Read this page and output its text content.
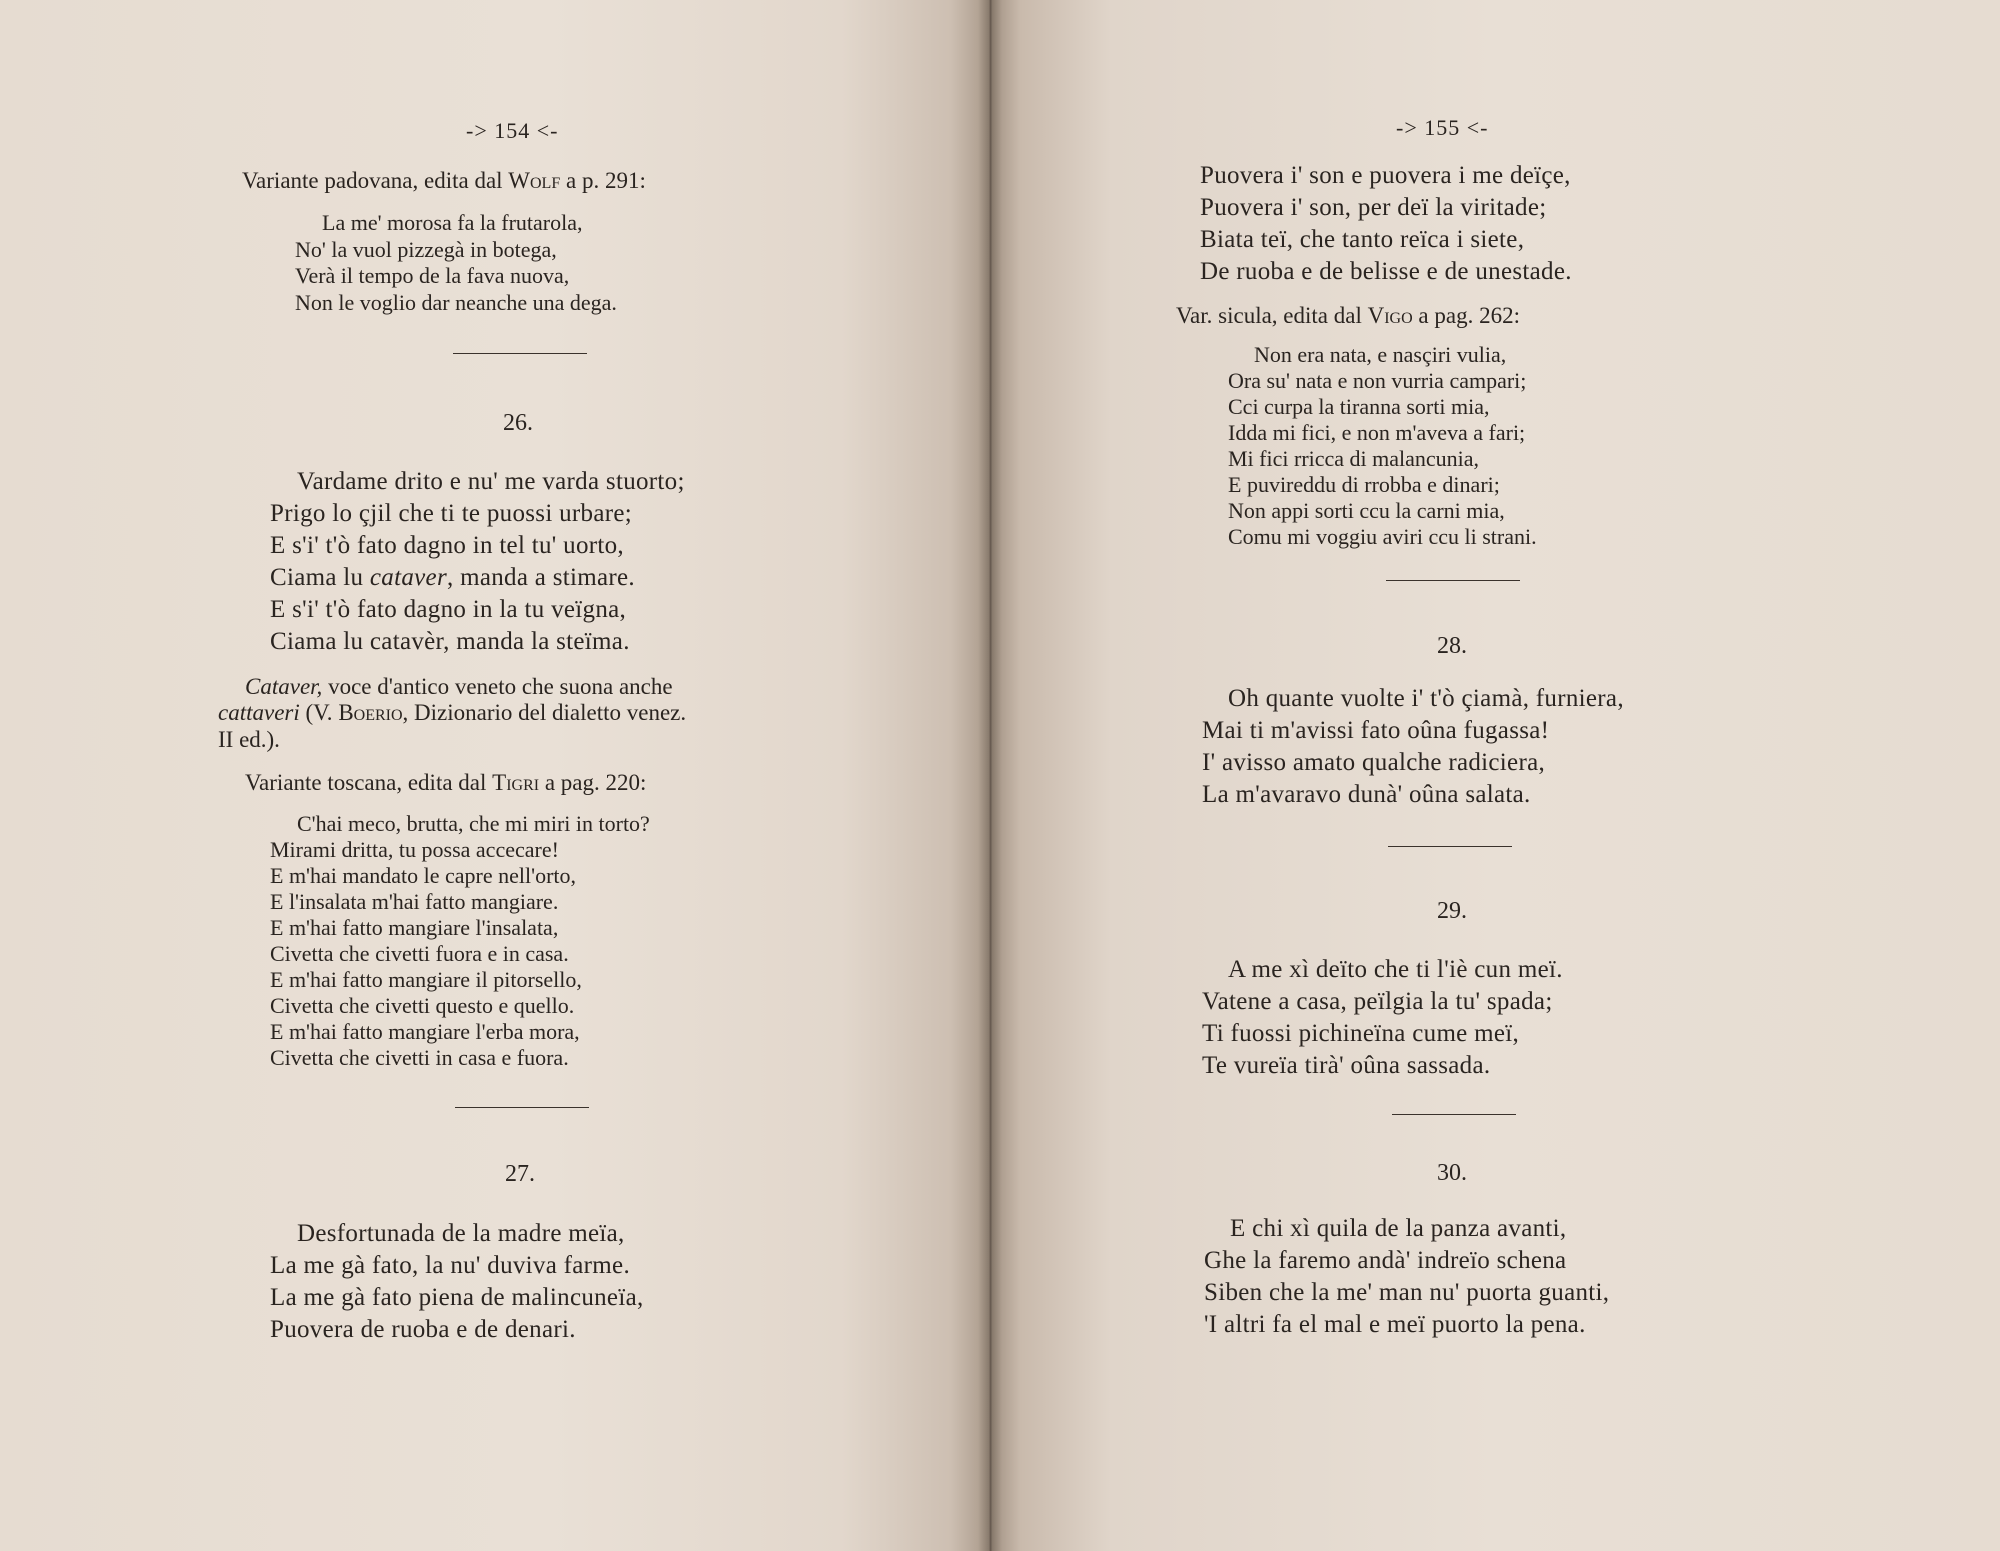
-> 154 <-
Variante padovana, edita dal Wolf a p. 291:
La me' morosa fa la frutarola,
No' la vuol pizzegà in botega,
Verà il tempo de la fava nuova,
Non le voglio dar neanche una dega.
26.
Vardame drito e nu' me varda stuorto;
Prigo lo çjil che ti te puossi urbare;
E s'i' t'ò fato dagno in tel tu' uorto,
Ciama lu cataver, manda a stimare.
E s'i' t'ò fato dagno in la tu veïgna,
Ciama lu catavèr, manda la steïma.
Cataver, voce d'antico veneto che suona anche
cattaveri (V. Boerio, Dizionario del dialetto venez.
II ed.).
Variante toscana, edita dal Tigri a pag. 220:
C'hai meco, brutta, che mi miri in torto?
Mirami dritta, tu possa accecare!
E m'hai mandato le capre nell'orto,
E l'insalata m'hai fatto mangiare.
E m'hai fatto mangiare l'insalata,
Civetta che civetti fuora e in casa.
E m'hai fatto mangiare il pitorsello,
Civetta che civetti questo e quello.
E m'hai fatto mangiare l'erba mora,
Civetta che civetti in casa e fuora.
27.
Desfortunada de la madre meïa,
La me gà fato, la nu' duviva farme.
La me gà fato piena de malincuneïa,
Puovera de ruoba e de denari.
-> 155 <-
Puovera i' son e puovera i me deïçe,
Puovera i' son, per deï la viritade;
Biata teï, che tanto reïca i siete,
De ruoba e de belisse e de unestade.
Var. sicula, edita dal Vigo a pag. 262:
Non era nata, e nasçiri vulia,
Ora su' nata e non vurria campari;
Cci curpa la tiranna sorti mia,
Idda mi fici, e non m'aveva a fari;
Mi fici rricca di malancunia,
E puvireddu di rrobba e dinari;
Non appi sorti ccu la carni mia,
Comu mi voggiu aviri ccu li strani.
28.
Oh quante vuolte i' t'ò çiamà, furniera,
Mai ti m'avissi fato oûna fugassa!
I' avisso amato qualche radiciera,
La m'avaravo dunà' oûna salata.
29.
A me xì deïto che ti l'iè cun meï.
Vatene a casa, peïlgia la tu' spada;
Ti fuossi pichineïna cume meï,
Te vureïa tirà' oûna sassada.
30.
E chi xì quila de la panza avanti,
Ghe la faremo andà' indreïo schena
Siben che la me' man nu' puorta guanti,
'I altri fa el mal e meï puorto la pena.
